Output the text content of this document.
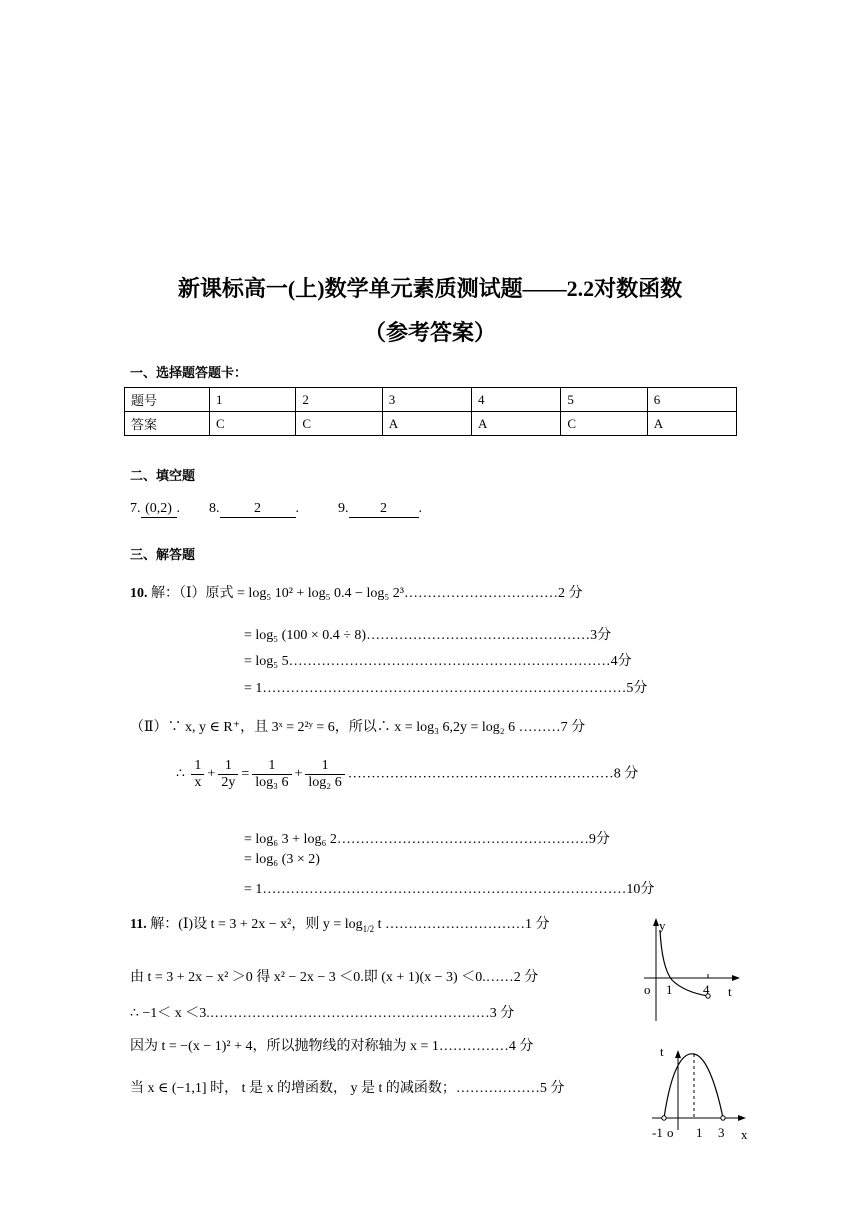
新课标高一(上)数学单元素质测试题——2.2对数函数
（参考答案）
一、选择题答题卡：
题号	1	2	3	4	5	6
答案	C	C	A	A	C	A
二、填空题
7. (0,2) . 8. 2 .	9. 2 .
三、解答题
10. 解：（Ⅰ）原式 = log₅ 10² + log₅ 0.4 − log₅ 2³……………………………2 分
= log₅ (100 × 0.4 ÷ 8)…………………………………………3分
= log₅ 5……………………………………………………………4分
= 1……………………………………………………………………5分
（Ⅱ）∵ x, y ∈ R⁺，且 3ˣ = 2²ʸ = 6，所以∴ x = log₃ 6,2y = log₂ 6 ………7 分
∴ $\frac{1}{x} + \frac{1}{2y} = \frac{1}{\text{log₃ 6}} + \frac{1}{\text{log₂ 6}}$ …………………………………………………8 分
= log₆ 3 + log₆ 2………………………………………………9分
= log₆ (3 × 2)
= 1……………………………………………………………………10分
11. 解：(Ⅰ)设 t = 3 + 2x − x²，则 $y = \log_{1/2} t$ …………………………1 分
由 t = 3 + 2x − x² ＞0 得 x² − 2x − 3 ＜0.即 (x + 1)(x − 3) ＜0.……2 分
∴ −1＜ x ＜3.……………………………………………………3 分
因为 t = −(x − 1)² + 4，所以抛物线的对称轴为 x = 1……………4 分
当 x ∈ (−1,1] 时， t 是 x 的增函数， y 是 t 的减函数；………………5 分
y
o 1 4 t
t
-1 o 1 3 x
